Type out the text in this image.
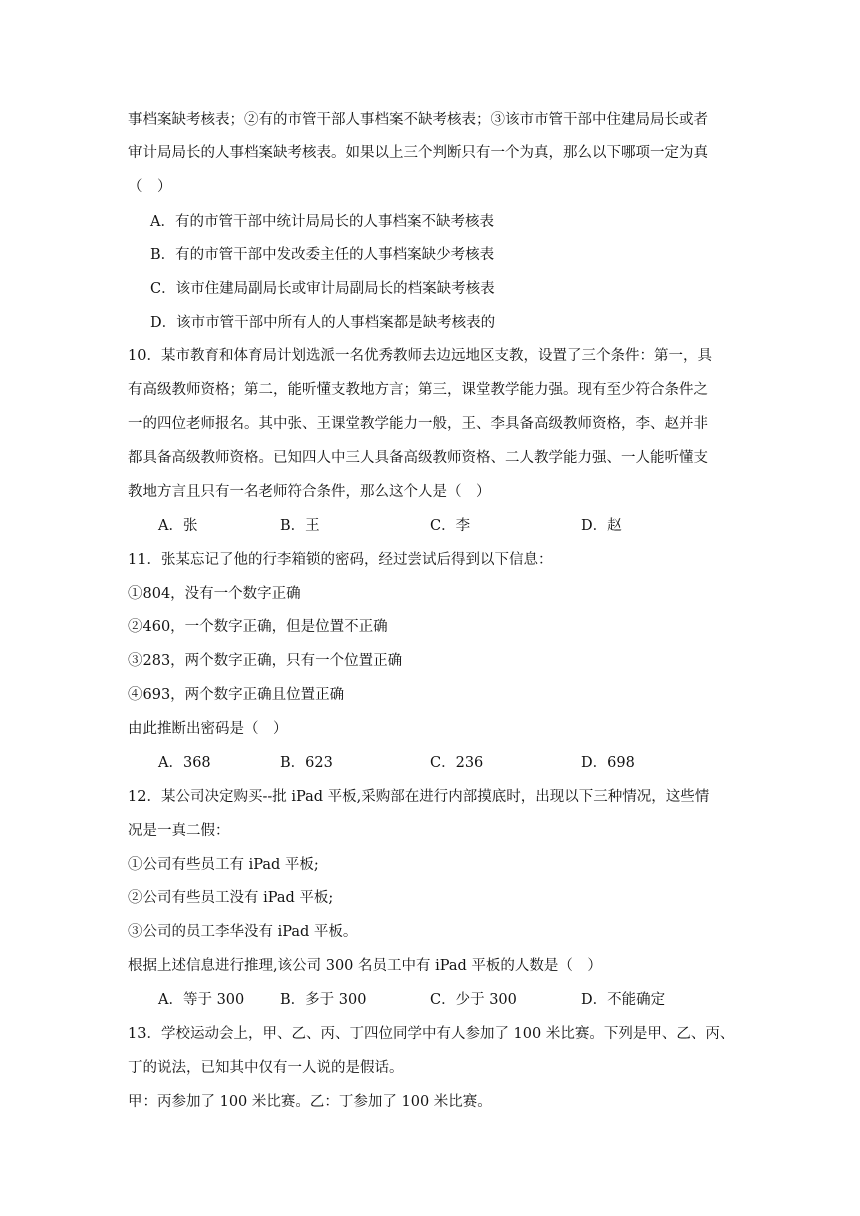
事档案缺考核表；②有的市管干部人事档案不缺考核表；③该市市管干部中住建局局长或者
审计局局长的人事档案缺考核表。如果以上三个判断只有一个为真，那么以下哪项一定为真
（　）
A．有的市管干部中统计局局长的人事档案不缺考核表
B．有的市管干部中发改委主任的人事档案缺少考核表
C．该市住建局副局长或审计局副局长的档案缺考核表
D．该市市管干部中所有人的人事档案都是缺考核表的
10．某市教育和体育局计划选派一名优秀教师去边远地区支教，设置了三个条件：第一，具
有高级教师资格；第二，能听懂支教地方言；第三，课堂教学能力强。现有至少符合条件之
一的四位老师报名。其中张、王课堂教学能力一般，王、李具备高级教师资格，李、赵并非
都具备高级教师资格。已知四人中三人具备高级教师资格、二人教学能力强、一人能听懂支
教地方言且只有一名老师符合条件，那么这个人是（　）
A．张	B．王	C．李	D．赵
11．张某忘记了他的行李箱锁的密码，经过尝试后得到以下信息：
①804，没有一个数字正确
②460，一个数字正确，但是位置不正确
③283，两个数字正确，只有一个位置正确
④693，两个数字正确且位置正确
由此推断出密码是（　）
A．368	B．623	C．236	D．698
12．某公司决定购买--批 iPad 平板,采购部在进行内部摸底时，出现以下三种情况，这些情
况是一真二假：
①公司有些员工有 iPad 平板;
②公司有些员工没有 iPad 平板;
③公司的员工李华没有 iPad 平板。
根据上述信息进行推理,该公司 300 名员工中有 iPad 平板的人数是（　）
A．等于 300 B．多于 300	C．少于 300	D．不能确定
13．学校运动会上，甲、乙、丙、丁四位同学中有人参加了 100 米比赛。下列是甲、乙、丙、
丁的说法，已知其中仅有一人说的是假话。
甲：丙参加了 100 米比赛。乙：丁参加了 100 米比赛。
